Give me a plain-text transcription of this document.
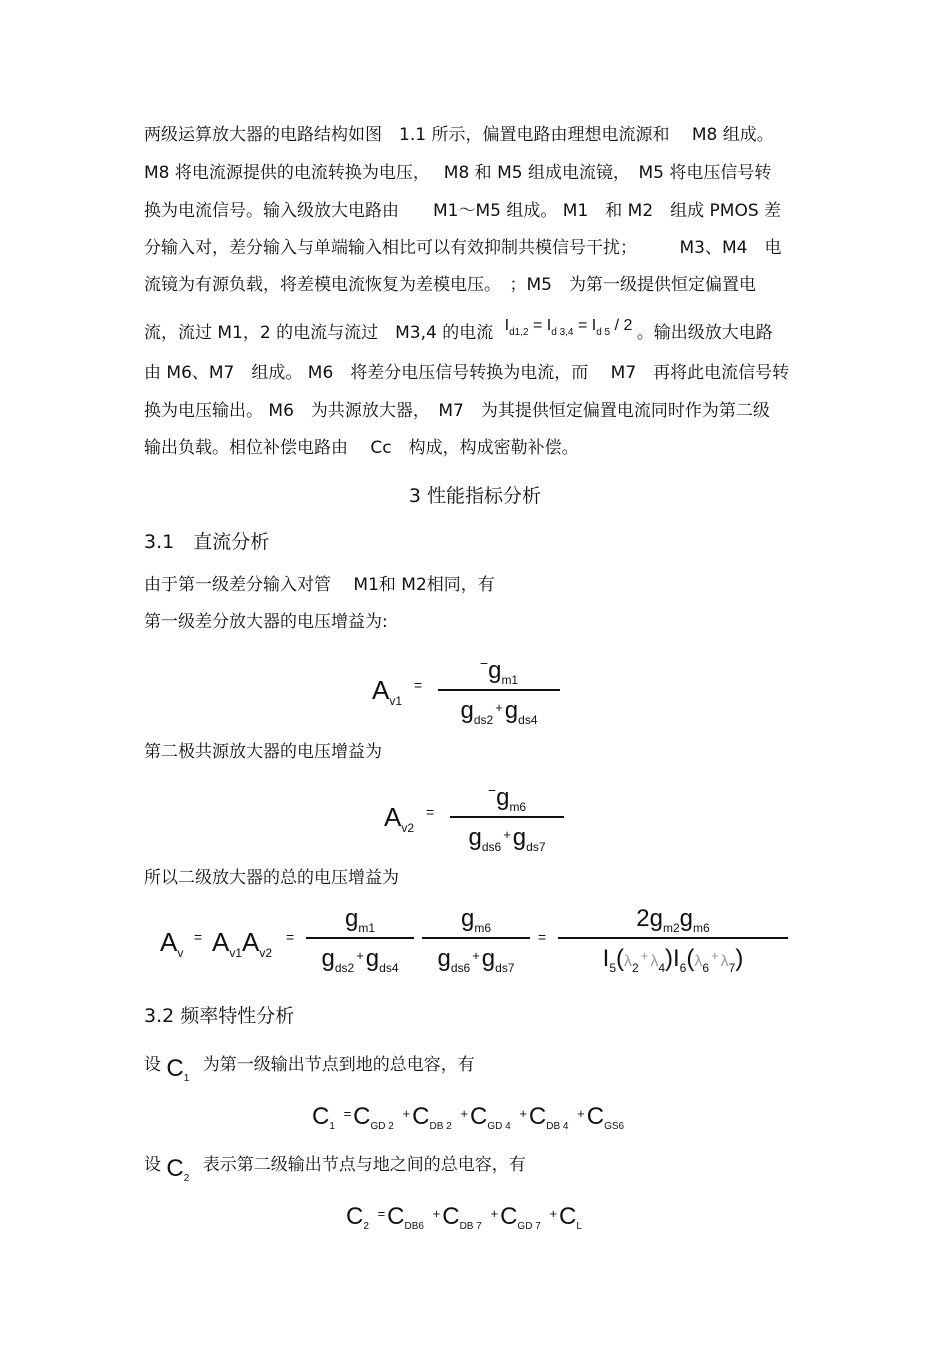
两级运算放大器的电路结构如图　1.1 所示，偏置电路由理想电流源和　 M8 组成。
M8 将电流源提供的电流转换为电压，　 M8 和 M5 组成电流镜，　M5 将电压信号转
换为电流信号。输入级放大电路由　　M1～M5 组成。 M1　和 M2　组成 PMOS 差
分输入对，差分输入与单端输入相比可以有效抑制共模信号干扰；　　　M3、M4　电
流镜为有源负载，将差模电流恢复为差模电压。　；M5　为第一级提供恒定偏置电
流，流过 M1，2 的电流与流过　M3,4 的电流 $I_{d1,2} = I_{d 3,4} = I_{d 5} / 2$ 。输出级放大电路
由 M6、M7　组成。 M6　将差分电压信号转换为电流，而　 M7　再将此电流信号转
换为电压输出。 M6　为共源放大器，　M7　为其提供恒定偏置电流同时作为第二级
输出负载。相位补偿电路由　 Cc　构成，构成密勒补偿。
3 性能指标分析
3.1　直流分析
由于第一级差分输入对管　 M1和 M2相同，有
第一级差分放大器的电压增益为:
$A_{v1}$
=
$^-g_{m1}$
$g_{ds2}^+g_{ds4}$
第二极共源放大器的电压增益为
$A_{v2}$
=
$^-g_{m6}$
$g_{ds6}^+g_{ds7}$
所以二级放大器的总的电压增益为
$A_v$
= $A_{v1}A_{v2}$
=
$g_{m1}$
$g_{ds2}^+g_{ds4}$
$g_{m6}$
$g_{ds6}^+g_{ds7}$
=
$2g_{m2}g_{m6}$
$I_5(\lambda_2^+$ $\lambda_4)I_6(\lambda_6^+$ $\lambda_7$)
3.2 频率特性分析
设 $C_1$ 为第一级输出节点到地的总电容，有
$C_1$ $^=C_{GD 2}$ $^+C_{DB 2}$ $^+C_{GD 4}$ $^+C_{DB 4}$ $^+C_{GS6}$
设 $C_2$ 表示第二级输出节点与地之间的总电容，有
$C_2$ $^=C_{DB6}$ $^+C_{DB 7}$ $^+C_{GD 7}$ $^+C_L$
